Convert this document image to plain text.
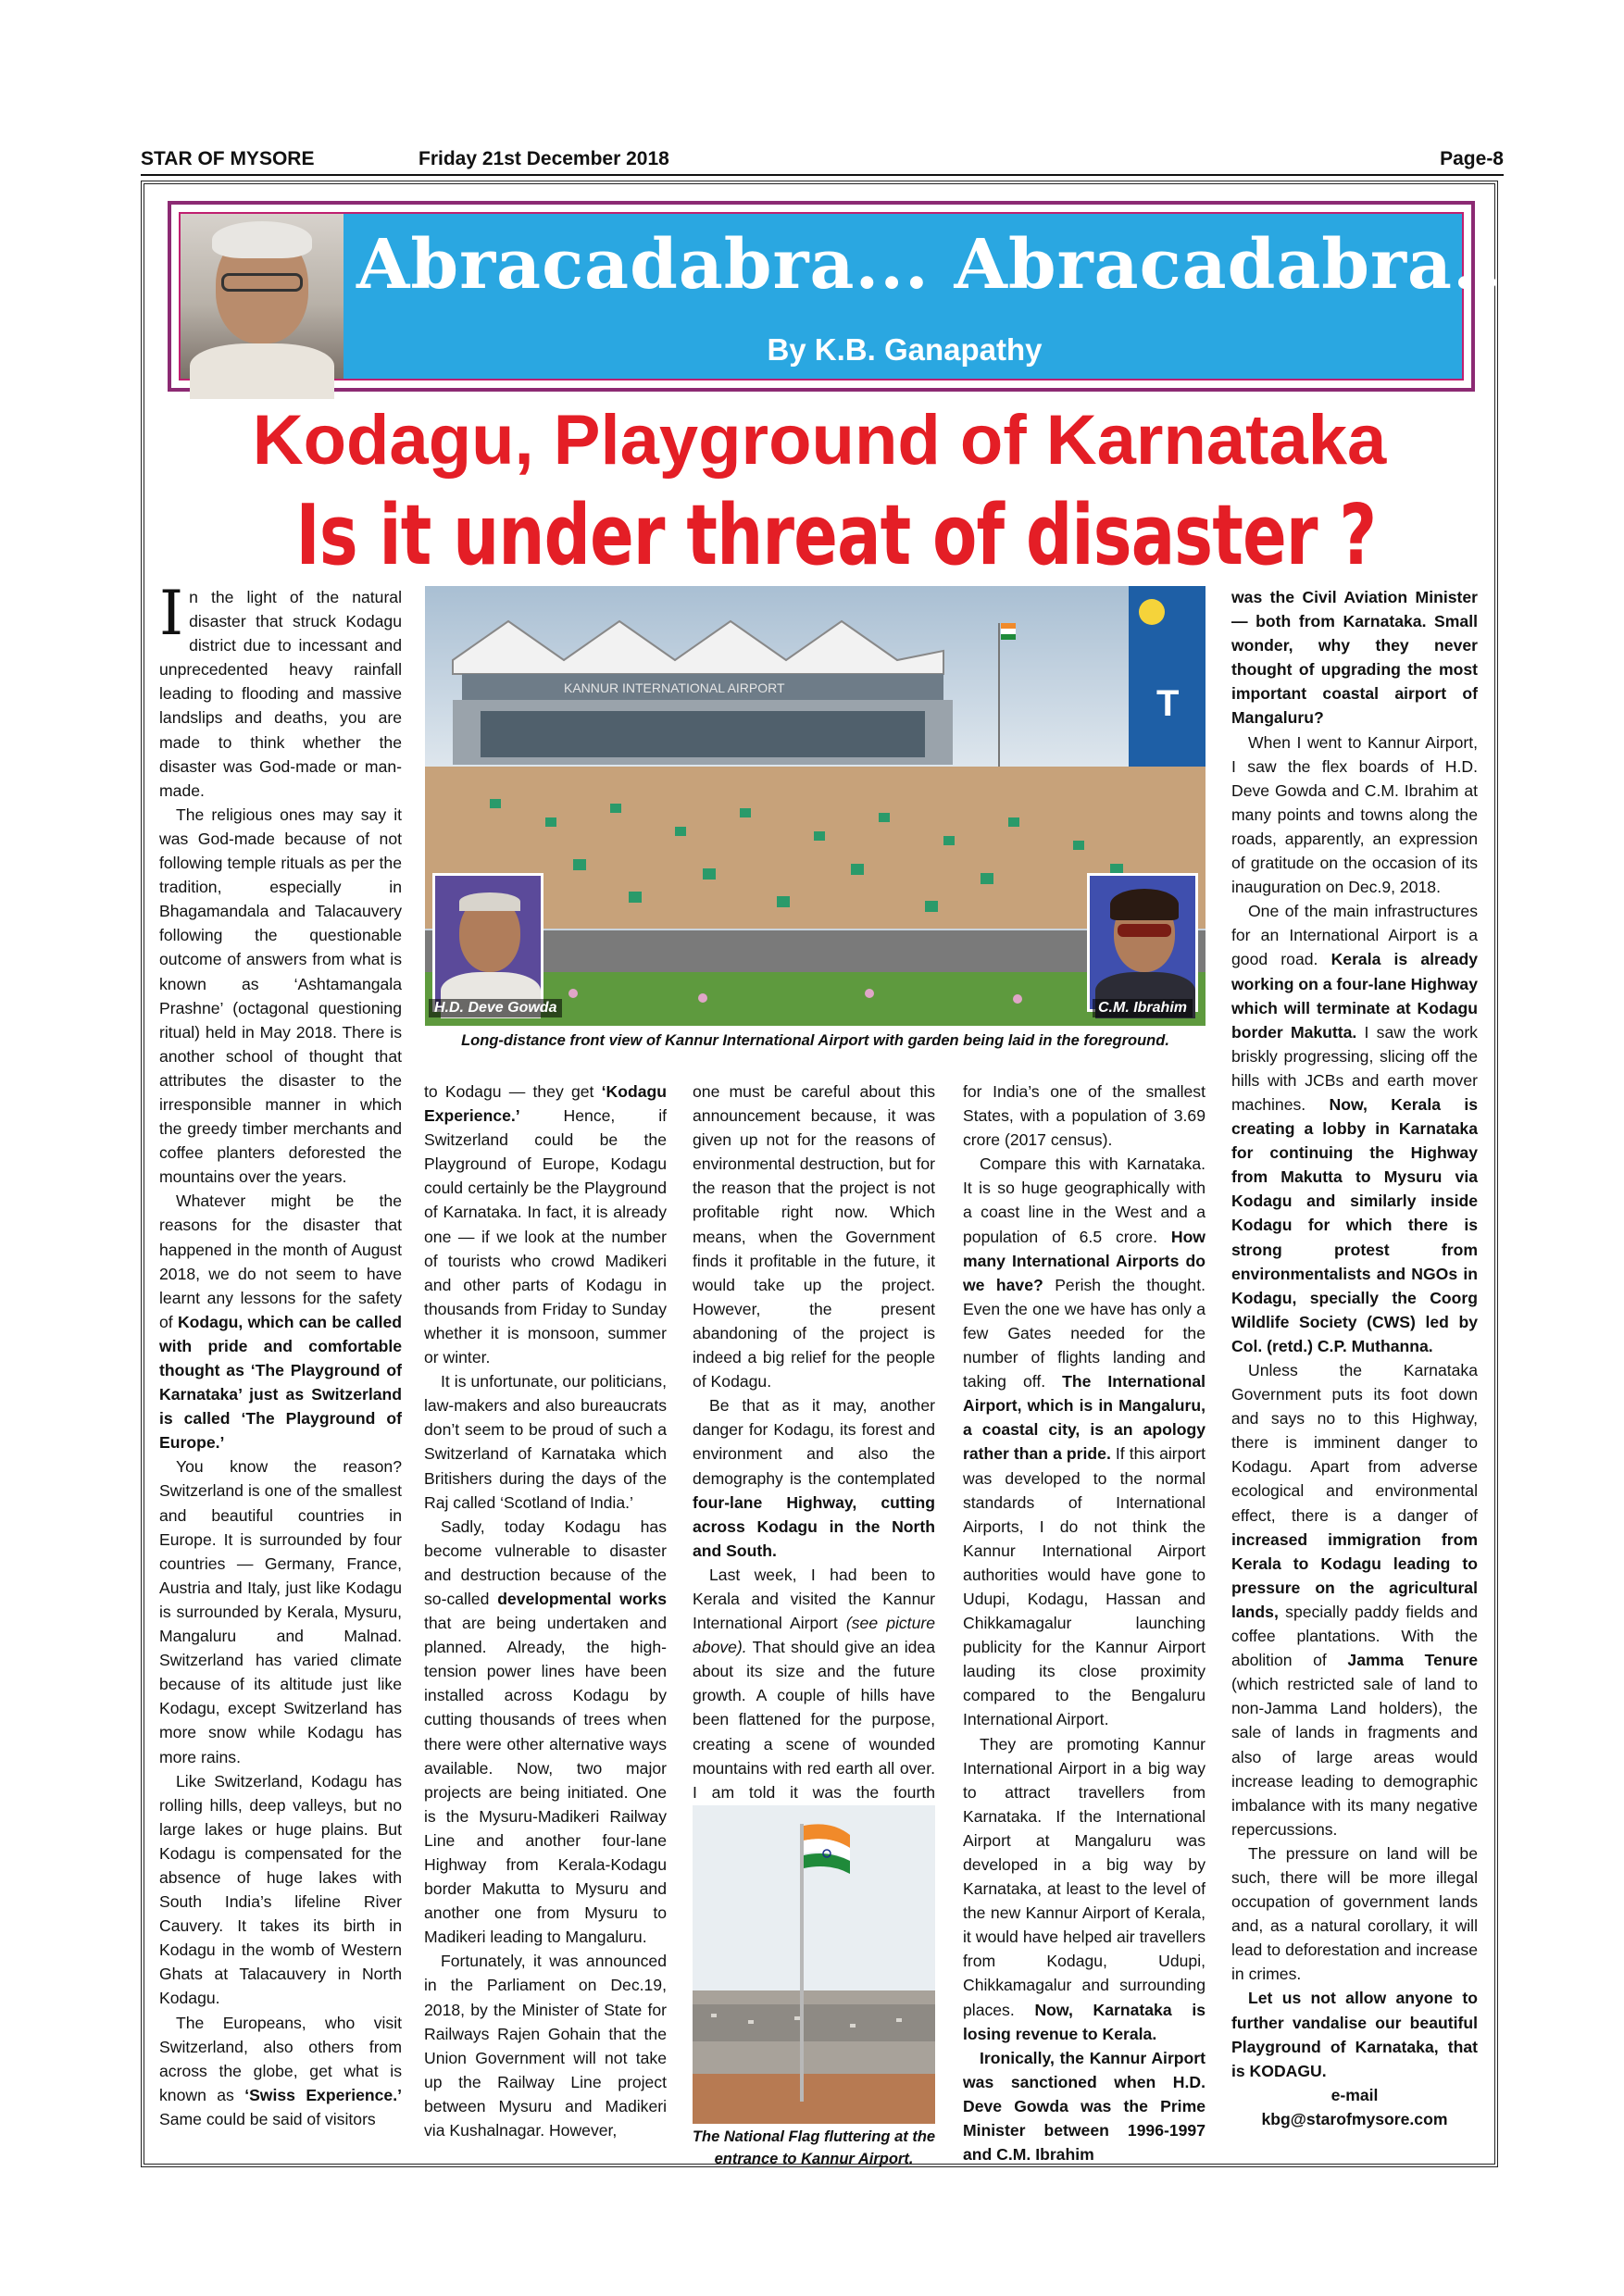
STAR OF MYSORE	Friday 21st December 2018	Page-8
Abracadabra... Abracadabra...
By K.B. Ganapathy
Kodagu, Playground of Karnataka
Is it under threat of disaster ?
KANNUR INTERNATIONAL AIRPORT	T
H.D. Deve Gowda	C.M. Ibrahim
Long-distance front view of Kannur International Airport with garden being laid in the foreground.

In the light of the natural disaster that struck Kodagu district due to incessant and unprecedented heavy rainfall leading to flooding and massive landslips and deaths, you are made to think whether the disaster was God-made or man-made.

The religious ones may say it was God-made because of not following temple rituals as per the tradition, especially in Bhagamandala and Talacauvery following the questionable outcome of answers from what is known as ‘Ashtamangala Prashne’ (octagonal questioning ritual) held in May 2018. There is another school of thought that attributes the disaster to the irresponsible manner in which the greedy timber merchants and coffee planters deforested the mountains over the years.

Whatever might be the reasons for the disaster that happened in the month of August 2018, we do not seem to have learnt any lessons for the safety of Kodagu, which can be called with pride and comfortable thought as ‘The Playground of Karnataka’ just as Switzerland is called ‘The Playground of Europe.’

You know the reason? Switzerland is one of the smallest and beautiful countries in Europe. It is surrounded by four countries — Germany, France, Austria and Italy, just like Kodagu is surrounded by Kerala, Mysuru, Mangaluru and Malnad. Switzerland has varied climate because of its altitude just like Kodagu, except Switzerland has more snow while Kodagu has more rains.

Like Switzerland, Kodagu has rolling hills, deep valleys, but no large lakes or huge plains. But Kodagu is compensated for the absence of huge lakes with South India’s lifeline River Cauvery. It takes its birth in Kodagu in the womb of Western Ghats at Talacauvery in North Kodagu.

The Europeans, who visit Switzerland, also others from across the globe, get what is known as ‘Swiss Experience.’ Same could be said of visitors

to Kodagu — they get ‘Kodagu Experience.’ Hence, if Switzerland could be the Playground of Europe, Kodagu could certainly be the Playground of Karnataka. In fact, it is already one — if we look at the number of tourists who crowd Madikeri and other parts of Kodagu in thousands from Friday to Sunday whether it is monsoon, summer or winter.

It is unfortunate, our politicians, law-makers and also bureaucrats don’t seem to be proud of such a Switzerland of Karnataka which Britishers during the days of the Raj called ‘Scotland of India.’

Sadly, today Kodagu has become vulnerable to disaster and destruction because of the so-called developmental works that are being undertaken and planned. Already, the high-tension power lines have been installed across Kodagu by cutting thousands of trees when there were other alternative ways available. Now, two major projects are being initiated. One is the Mysuru-Madikeri Railway Line and another four-lane Highway from Kerala-Kodagu border Makutta to Mysuru and another one from Mysuru to Madikeri leading to Mangaluru.

Fortunately, it was announced in the Parliament on Dec.19, 2018, by the Minister of State for Railways Rajen Gohain that the Union Government will not take up the Railway Line project between Mysuru and Madikeri via Kushalnagar. However,

one must be careful about this announcement because, it was given up not for the reasons of environmental destruction, but for the reason that the project is not profitable right now. Which means, when the Government finds it profitable in the future, it would take up the project. However, the present abandoning of the project is indeed a big relief for the people of Kodagu.

Be that as it may, another danger for Kodagu, its forest and environment and also the demography is the contemplated four-lane Highway, cutting across Kodagu in the North and South.

Last week, I had been to Kerala and visited the Kannur International Airport (see picture above). That should give an idea about its size and the future growth. A couple of hills have been flattened for the purpose, creating a scene of wounded mountains with red earth all over. I am told it was the fourth

for India’s one of the smallest States, with a population of 3.69 crore (2017 census).

Compare this with Karnataka. It is so huge geographically with a coast line in the West and a population of 6.5 crore. How many International Airports do we have? Perish the thought. Even the one we have has only a few Gates needed for the number of flights landing and taking off. The International Airport, which is in Mangaluru, a coastal city, is an apology rather than a pride. If this airport was developed to the normal standards of International Airports, I do not think the Kannur International Airport authorities would have gone to Udupi, Kodagu, Hassan and Chikkamagalur launching publicity for the Kannur Airport lauding its close proximity compared to the Bengaluru International Airport.

They are promoting Kannur International Airport in a big way to attract travellers from Karnataka. If the International Airport at Mangaluru was developed in a big way by Karnataka, at least to the level of the new Kannur Airport of Kerala, it would have helped air travellers from Kodagu, Udupi, Chikkamagalur and surrounding places. Now, Karnataka is losing revenue to Kerala.

Ironically, the Kannur Airport was sanctioned when H.D. Deve Gowda was the Prime Minister between 1996-1997 and C.M. Ibrahim

was the Civil Aviation Minister — both from Karnataka. Small wonder, why they never thought of upgrading the most important coastal airport of Mangaluru?

When I went to Kannur Airport, I saw the flex boards of H.D. Deve Gowda and C.M. Ibrahim at many points and towns along the roads, apparently, an expression of gratitude on the occasion of its inauguration on Dec.9, 2018.

One of the main infrastructures for an International Airport is a good road. Kerala is already working on a four-lane Highway which will terminate at Kodagu border Makutta. I saw the work briskly progressing, slicing off the hills with JCBs and earth mover machines. Now, Kerala is creating a lobby in Karnataka for continuing the Highway from Makutta to Mysuru via Kodagu and similarly inside Kodagu for which there is strong protest from environmentalists and NGOs in Kodagu, specially the Coorg Wildlife Society (CWS) led by Col. (retd.) C.P. Muthanna.

Unless the Karnataka Government puts its foot down and says no to this Highway, there is imminent danger to Kodagu. Apart from adverse ecological and environmental effect, there is a danger of increased immigration from Kerala to Kodagu leading to pressure on the agricultural lands, specially paddy fields and coffee plantations. With the abolition of Jamma Tenure (which restricted sale of land to non-Jamma Land holders), the sale of lands in fragments and also of large areas would increase leading to demographic imbalance with its many negative repercussions.

The pressure on land will be such, there will be more illegal occupation of government lands and, as a natural corollary, it will lead to deforestation and increase in crimes.

Let us not allow anyone to further vandalise our beautiful Playground of Karnataka, that is KODAGU.

e-mail
kbg@starofmysore.com
The National Flag fluttering at the entrance to Kannur Airport.
